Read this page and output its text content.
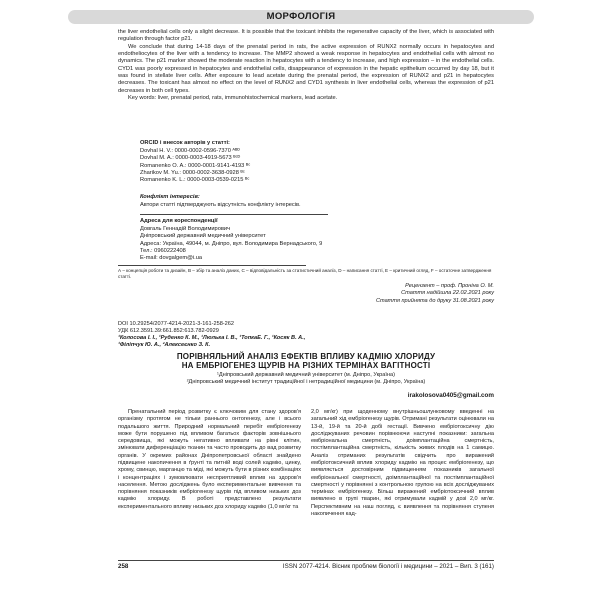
МОРФОЛОГІЯ

the liver endothelial cells only a slight decrease. It is possible that the toxicant inhibits the regenerative capacity of the liver, which is associated with regulation through factor p21.

We conclude that during 14-18 days of the prenatal period in rats, the active expression of RUNX2 normally occurs in hepatocytes and endotheliocytes of the liver with a tendency to increase. The MMP2 showed a weak response in hepatocytes and endothelial cells with almost no dynamics. The p21 marker showed the moderate reaction in hepatocytes with a tendency to increase, and high expression – in the endothelial cells. CYD1 was poorly expressed in hepatocytes and endothelial cells, disappearance of expression in the hepatic epithelium occurred by day 18, but it was found in stellate liver cells. After exposure to lead acetate during the prenatal period, the expression of RUNX2 and p21 in hepatocytes decreases. The toxicant has almost no effect on the level of RUNX2 and CYD1 synthesis in liver endothelial cells, whereas the expression of p21 decreases in both cell types.

Key words: liver, prenatal period, rats, immunohistochemical markers, lead acetate.

ORCID і внесок авторів у статті:
Dovhal H. V.: 0000-0002-0596-7370 ᴬᴮᴰ
Dovhal M. A.: 0000-0003-4919-5673 ᴮᶜᴰ
Romanenko O. A.: 0000-0001-9141-4193 ᴮᶜ
Zharikov M. Yu.: 0000-0002-3638-0928 ᴮᶜ
Romanenko K. L.: 0000-0003-0539-0215 ᴮᶜ
Конфлікт інтересів:
Автори статті підтверджують відсутність конфлікту інтересів.
Адреса для кореспонденції
Довгаль Геннадій Володимирович
Дніпровський державний медичний університет
Адреса: Україна, 49044, м. Дніпро, вул. Володимира Вернадського, 9
Тел.: 0960222408
E-mail: dovgalgem@i.ua
А – концепція роботи та дизайн, B – збір та аналіз даних, C – відповідальність за статистичний аналіз, D – написання статті, E – критичний огляд, F – остаточне затвердження статті.
Рецензент – проф. Проніна О. М.
Стаття надійшла 22.02.2021 року
Стаття прийнята до друку 31.08.2021 року
DOI 10.29254/2077-4214-2021-3-161-258-262
УДК 612.3591.39:661.852:613.782-0929
¹Колосова І. І., ¹Руденко К. М., ¹Люлька І. В., ¹ТопкаЕ. Г., ¹Косяк В. А.,
¹Філіпчук Ю. А., ²Алексеєнко З. К.
ПОРІВНЯЛЬНИЙ АНАЛІЗ ЕФЕКТІВ ВПЛИВУ КАДМІЮ ХЛОРИДУ
НА ЕМБРІОГЕНЕЗ ЩУРІВ НА РІЗНИХ ТЕРМІНАХ ВАГІТНОСТІ
¹Дніпровський державний медичний університет (м. Дніпро, Україна)
²Дніпровський медичний інститут традиційної і нетрадиційної медицини (м. Дніпро, Україна)
irakolosova0405@gmail.com
Пренатальний період розвитку є ключовим для стану здоров'я організму протягом не тільки раннього онтогенезу, але і всього подальшого життя. Природний нормальний перебіг ембріогенезу може бути порушено під впливом багатьох факторів зовнішнього середовища, які можуть негативно впливати на рівні клітин, змінювати диференціацію тканин та часто проводить до вад розвитку органів. У окремих районах Дніпропетровської області знайдено підвищене накопичення в ґрунті та питній воді солей кадмію, цинку, хрому, свинцю, марганцю та міді, які можуть бути в різних комбінаціях і концентраціях і зумовлювати несприятливий вплив на здоров'я населення. Метою досліджень було експериментальне вивчення та порівняння показників ембріогенезу щурів під впливом низьких доз кадмію хлориду. В роботі представлено результати експериментального впливу низьких доз хлориду кадмію (1,0 мг/кг та
2,0 мг/кг) при щоденному внутрішньошлунковому введенні на загальний хід ембріогенезу щурів. Отримані результати оцінювали на 13-й, 19-й та 20-й добі гестації. Вивчено ембріотоксичну дію досліджуваних речовин порівнюючи наступні показники: загальна ембріональна смертність, доімплантаційна смертність, постімплантаційна смертність, кількість живих плодів на 1 самицю. Аналіз отриманих результатів свідчить про виражений ембріотоксичний вплив хлориду кадмію на процес ембріогенезу, що виявляється достовірним підвищенням показників загальної ембріональної смертності, доімплантаційної та постімплантаційної смертності у порівнянні з контрольною групою на всіх досліджуваних термінах ембріогенезу. Більш виражений ембріотоксичний вплив виявлено в групі тварин, які отримували кадмій у дозі 2,0 мг/кг. Перспективним на наш погляд, є виявлення та порівняння ступеня накопичення кад-
258	ISSN 2077-4214. Вісник проблем біології і медицини – 2021 – Вип. 3 (161)
